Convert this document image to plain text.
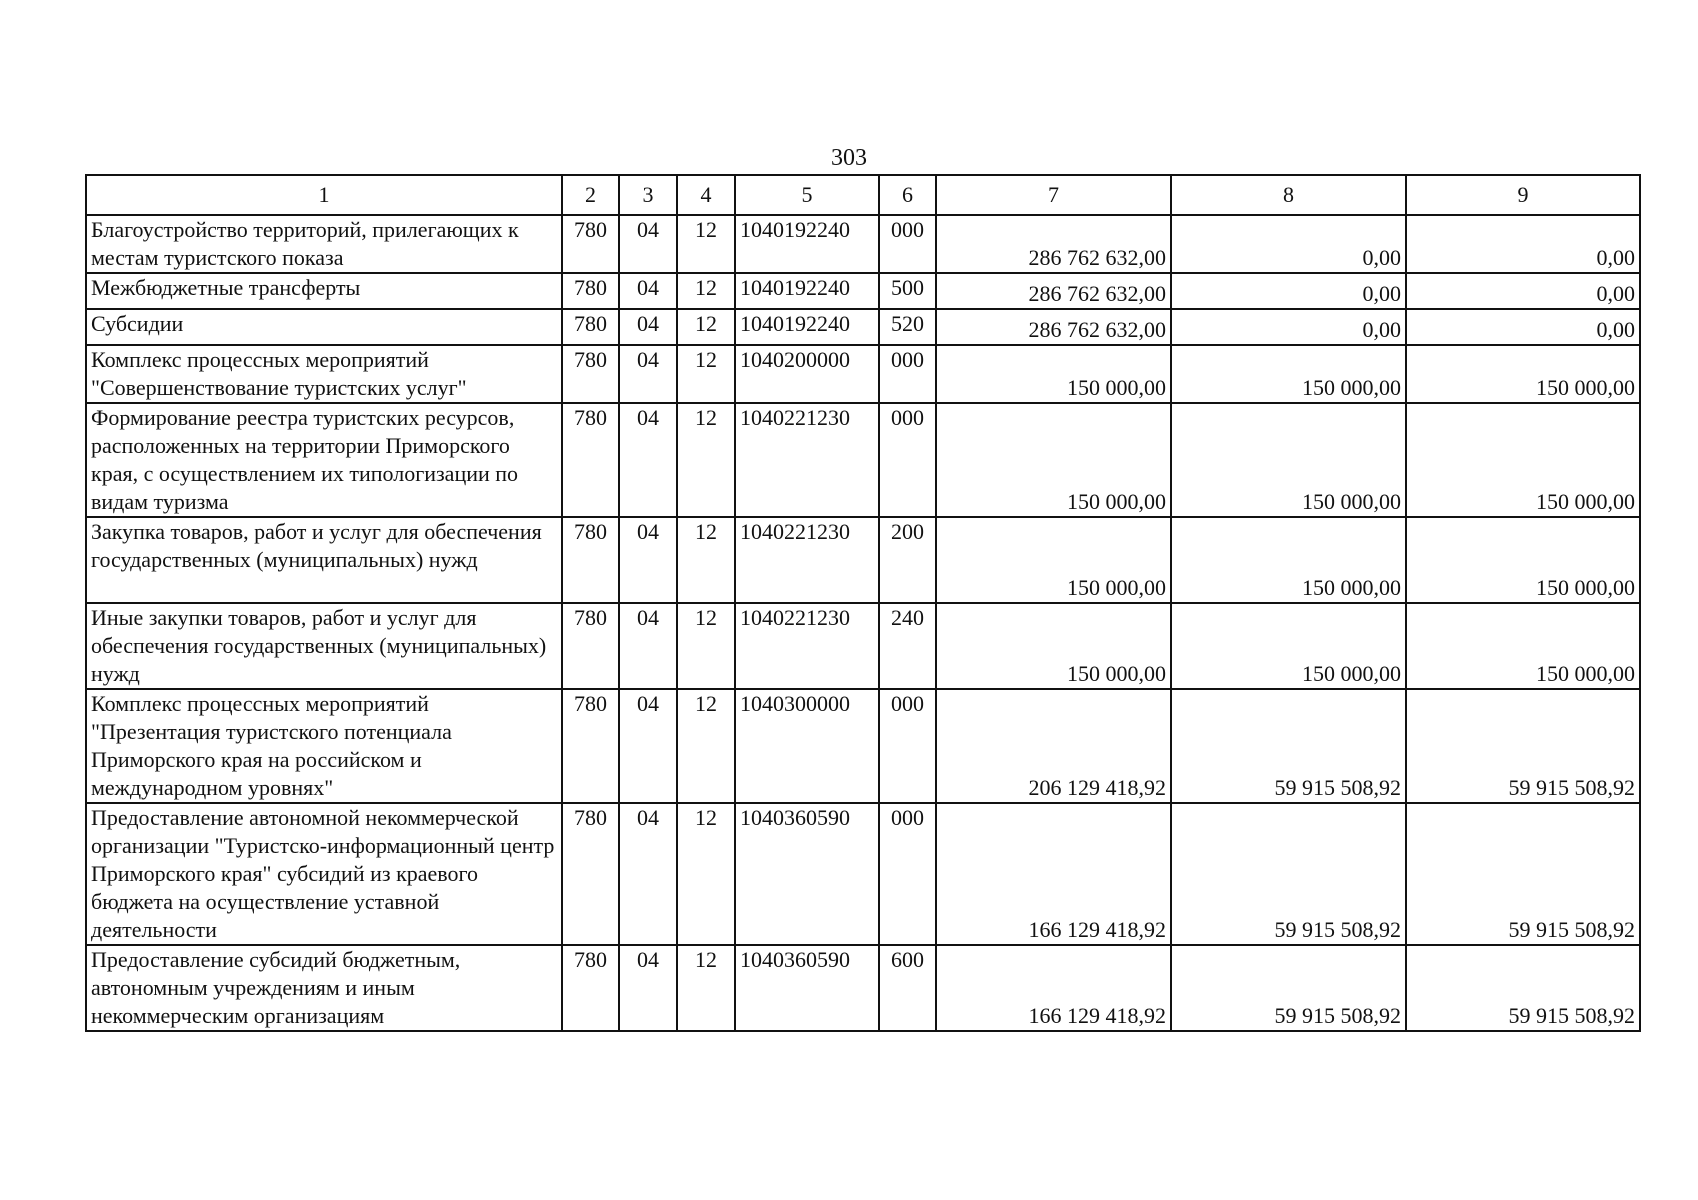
303
1	2	3	4	5	6	7	8	9
Благоустройство территорий, прилегающих к местам туристского показа	780	04	12	1040192240	000	286 762 632,00	0,00	0,00
Межбюджетные трансферты	780	04	12	1040192240	500	286 762 632,00	0,00	0,00
Субсидии	780	04	12	1040192240	520	286 762 632,00	0,00	0,00
Комплекс процессных мероприятий "Совершенствование туристских услуг"	780	04	12	1040200000	000	150 000,00	150 000,00	150 000,00
Формирование реестра туристских ресурсов, расположенных на территории Приморского края, с осуществлением их типологизации по видам туризма	780	04	12	1040221230	000	150 000,00	150 000,00	150 000,00
Закупка товаров, работ и услуг для обеспечения государственных (муниципальных) нужд	780	04	12	1040221230	200	150 000,00	150 000,00	150 000,00
Иные закупки товаров, работ и услуг для обеспечения государственных (муниципальных) нужд	780	04	12	1040221230	240	150 000,00	150 000,00	150 000,00
Комплекс процессных мероприятий "Презентация туристского потенциала Приморского края на российском и международном уровнях"	780	04	12	1040300000	000	206 129 418,92	59 915 508,92	59 915 508,92
Предоставление автономной некоммерческой организации "Туристско-информационный центр Приморского края" субсидий из краевого бюджета на осуществление уставной деятельности	780	04	12	1040360590	000	166 129 418,92	59 915 508,92	59 915 508,92
Предоставление субсидий бюджетным, автономным учреждениям и иным некоммерческим организациям	780	04	12	1040360590	600	166 129 418,92	59 915 508,92	59 915 508,92
